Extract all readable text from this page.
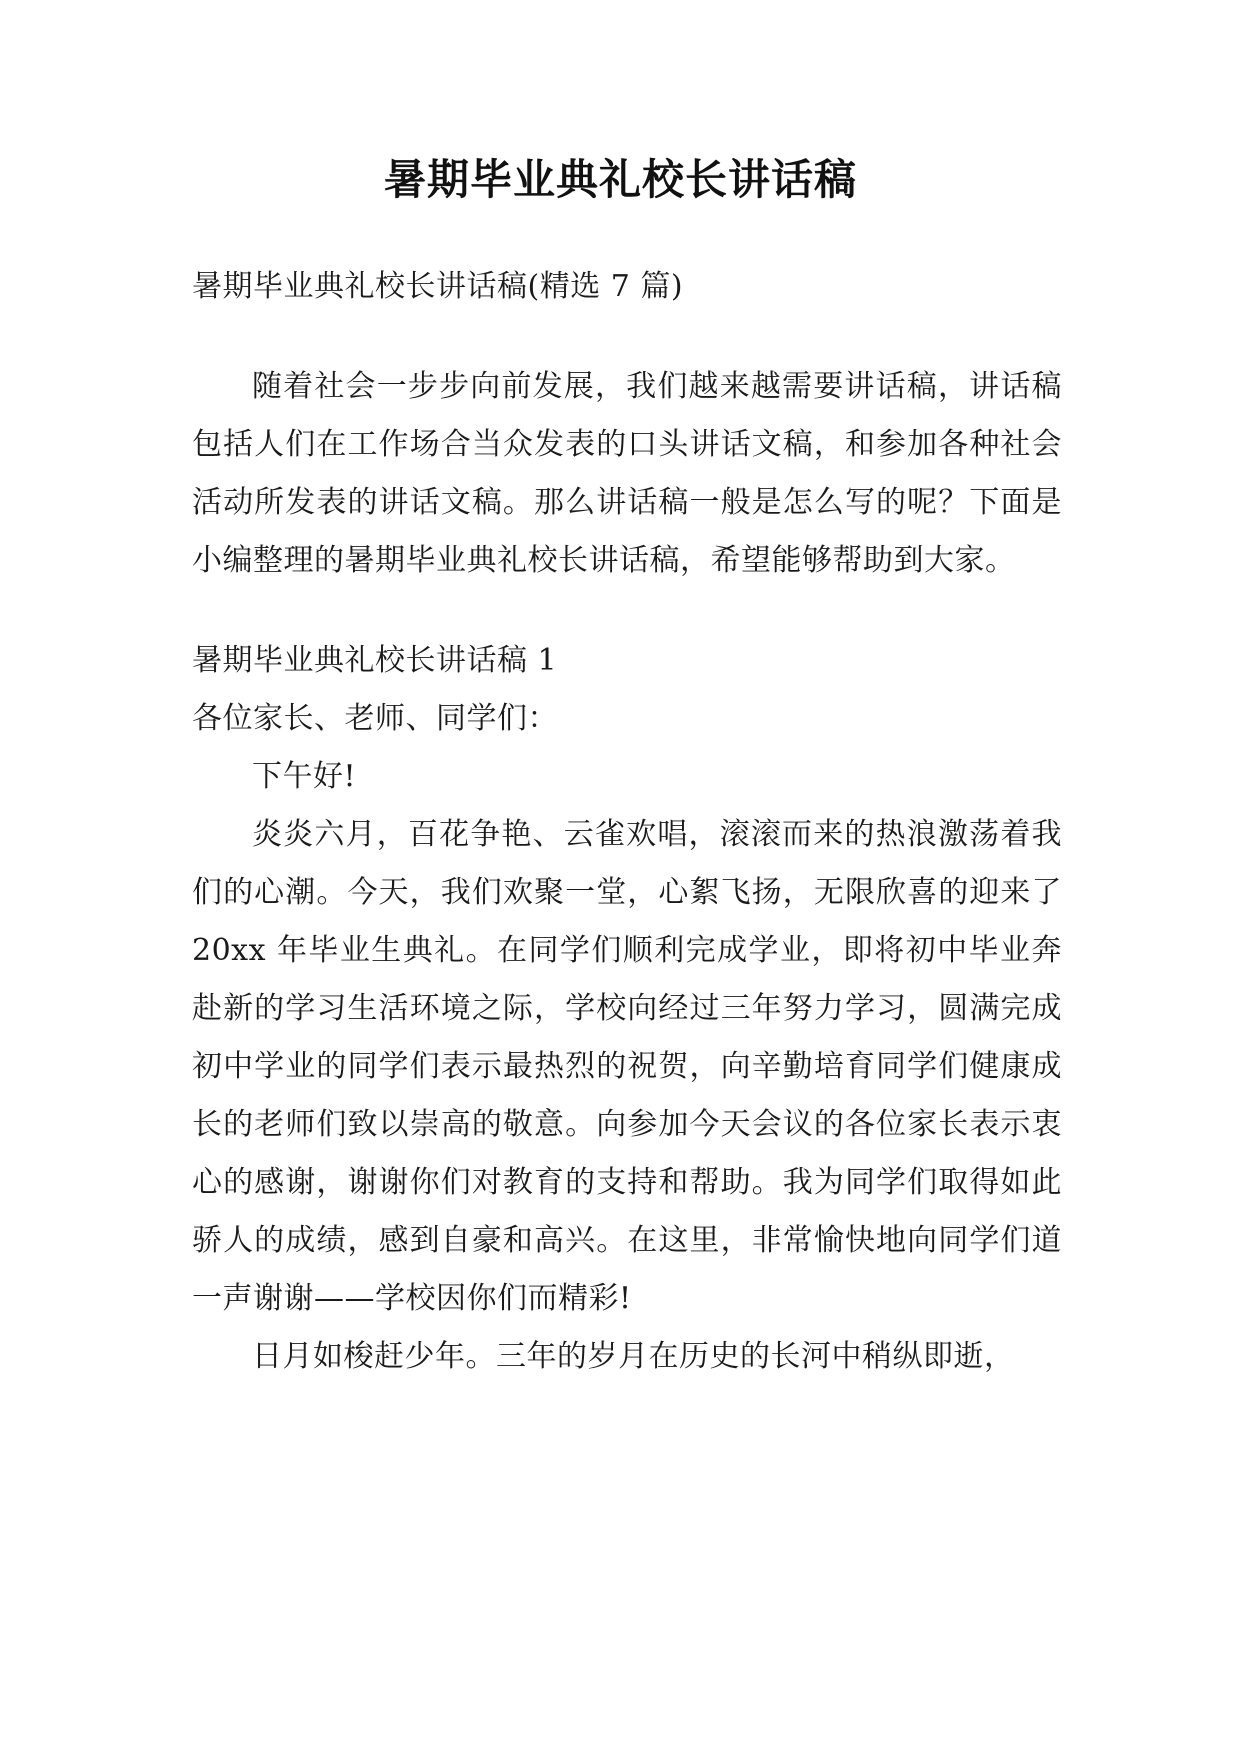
暑期毕业典礼校长讲话稿

暑期毕业典礼校长讲话稿(精选 7 篇)

随着社会一步步向前发展，我们越来越需要讲话稿，讲话稿包括人们在工作场合当众发表的口头讲话文稿，和参加各种社会活动所发表的讲话文稿。那么讲话稿一般是怎么写的呢？下面是小编整理的暑期毕业典礼校长讲话稿，希望能够帮助到大家。

暑期毕业典礼校长讲话稿 1

各位家长、老师、同学们：

下午好!

炎炎六月，百花争艳、云雀欢唱，滚滚而来的热浪激荡着我们的心潮。今天，我们欢聚一堂，心絮飞扬，无限欣喜的迎来了 20xx 年毕业生典礼。在同学们顺利完成学业，即将初中毕业奔赴新的学习生活环境之际，学校向经过三年努力学习，圆满完成初中学业的同学们表示最热烈的祝贺，向辛勤培育同学们健康成长的老师们致以崇高的敬意。向参加今天会议的各位家长表示衷心的感谢，谢谢你们对教育的支持和帮助。我为同学们取得如此骄人的成绩，感到自豪和高兴。在这里，非常愉快地向同学们道一声谢谢——学校因你们而精彩!

日月如梭赶少年。三年的岁月在历史的长河中稍纵即逝，
